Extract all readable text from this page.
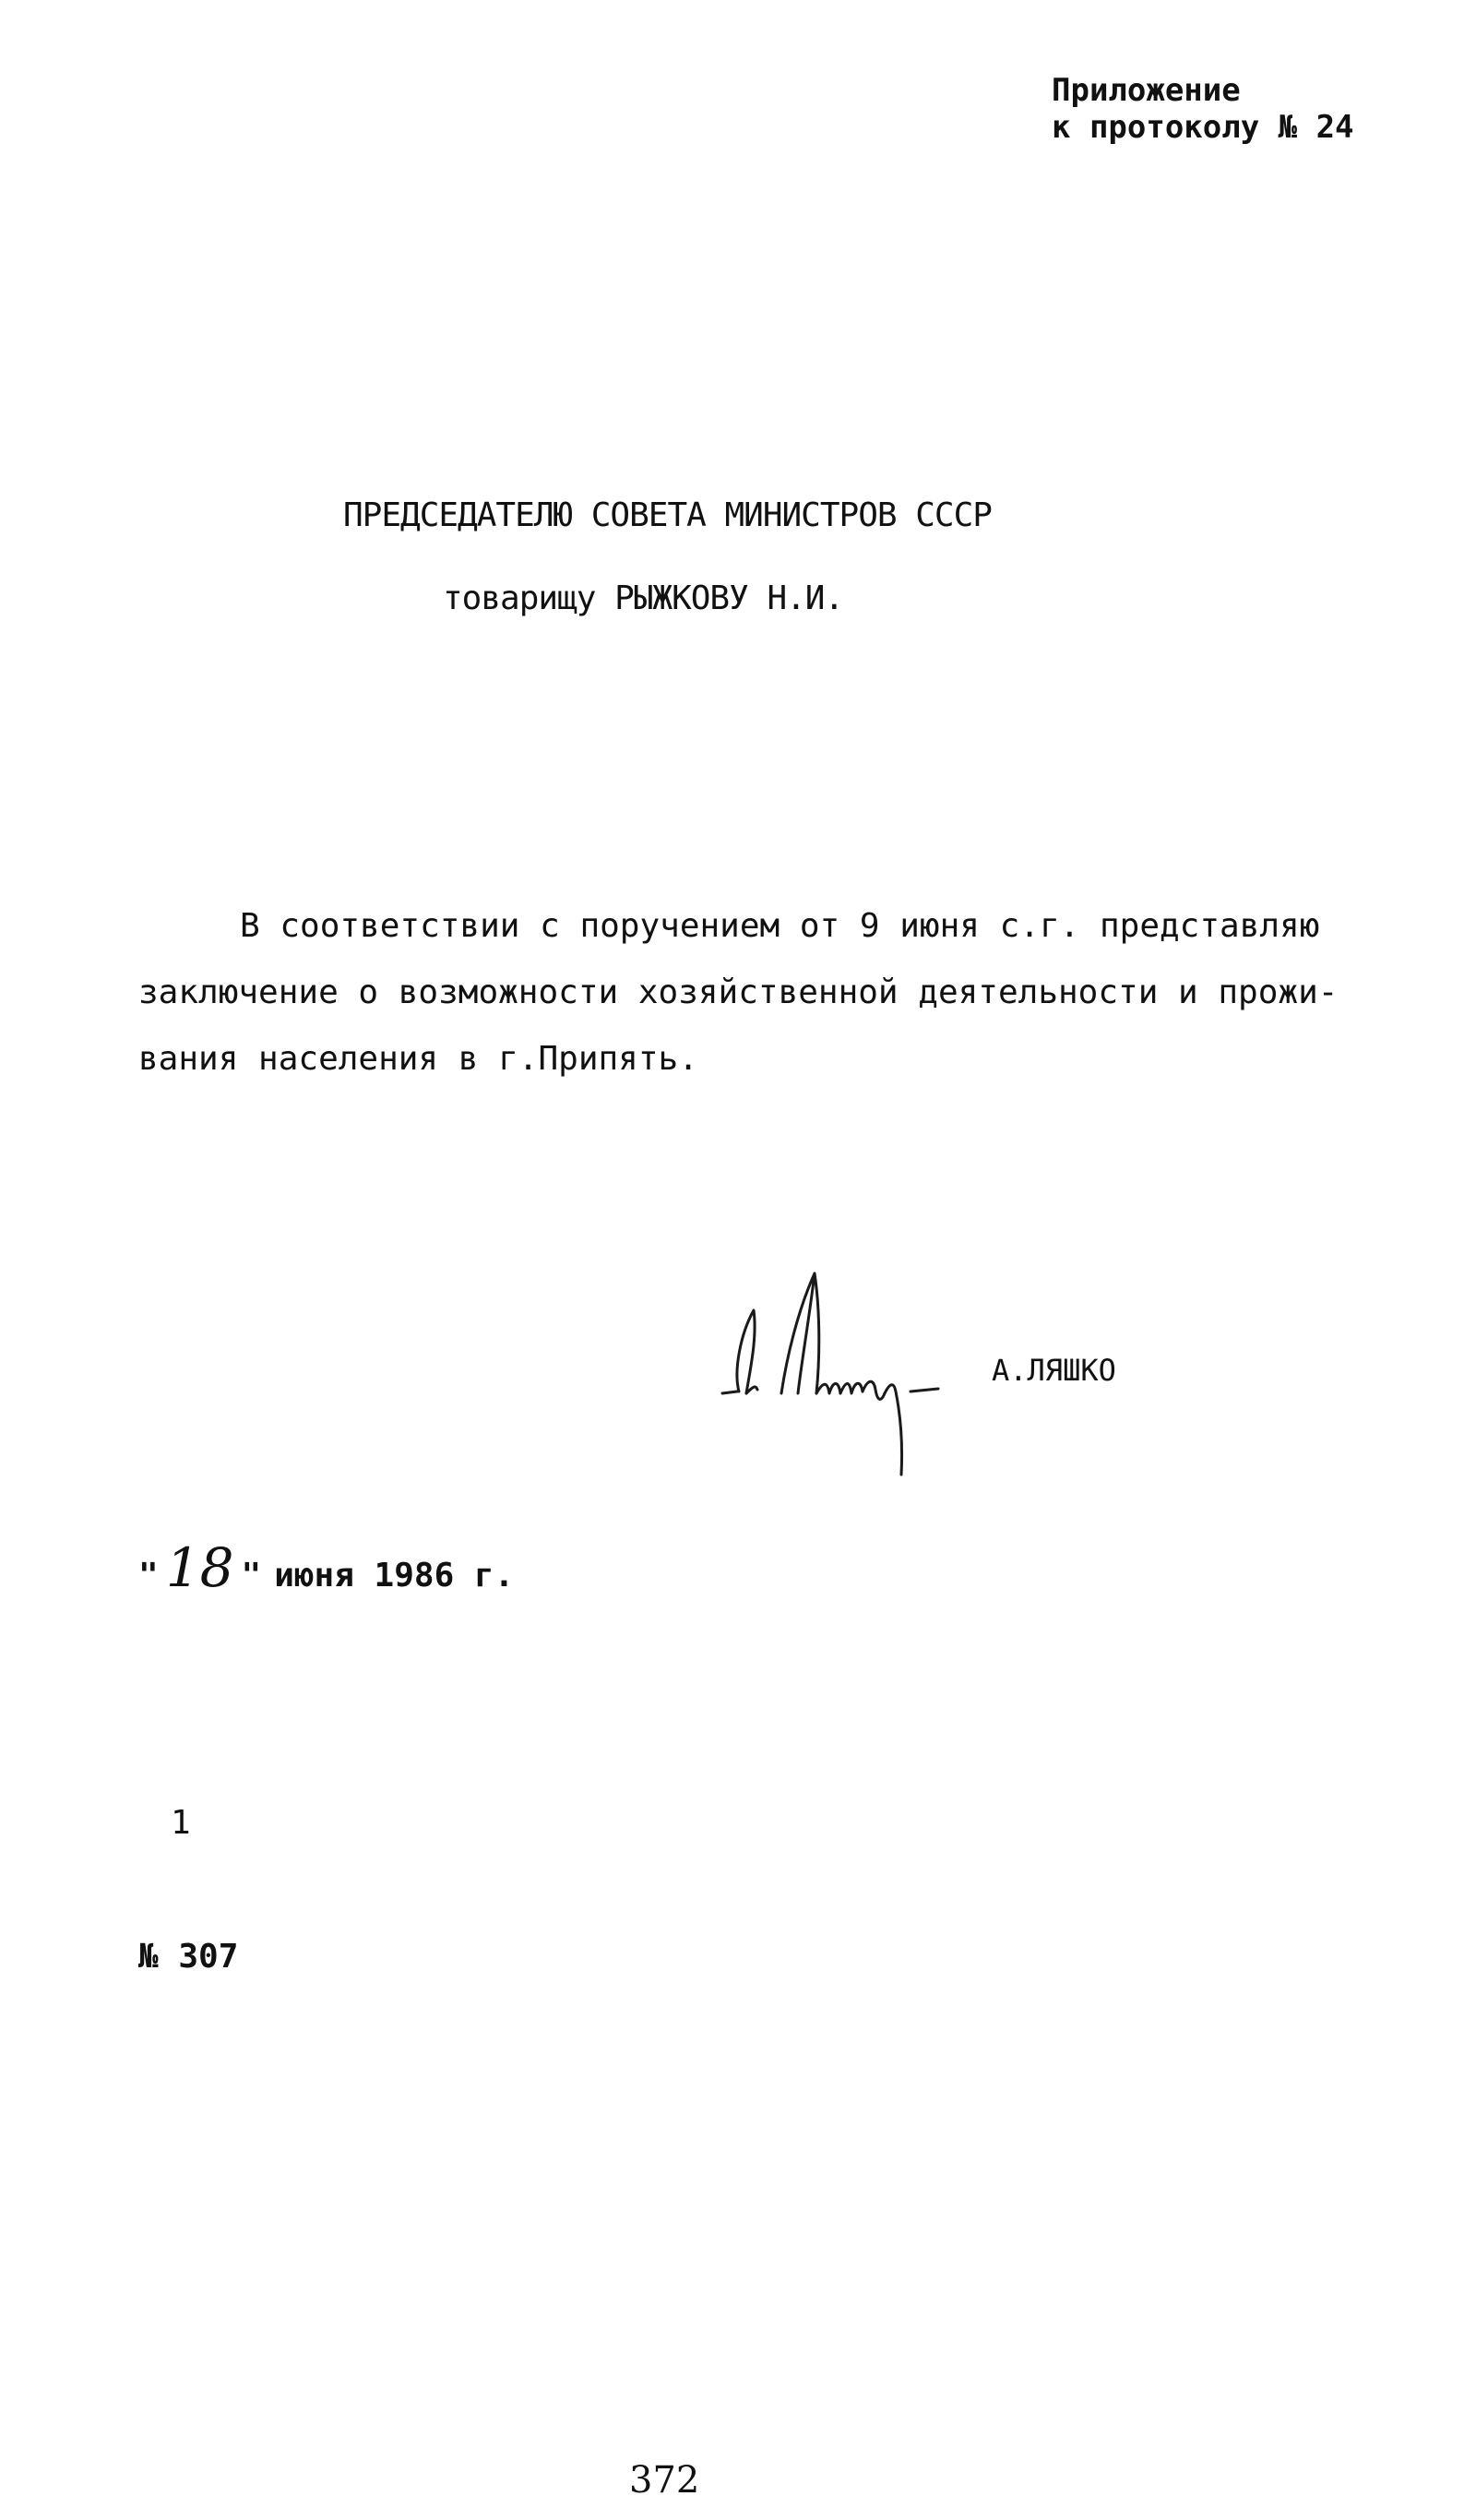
Приложение
к протоколу № 24
ПРЕДСЕДАТЕЛЮ СОВЕТА МИНИСТРОВ СССР
товарищу РЫЖКОВУ Н.И.
В соответствии с поручением от 9 июня с.г. представляю
заключение о возможности хозяйственной деятельности и прожи-
вания населения в г.Припять.
А.ЛЯШКО
" 18 " июня 1986 г.
1
№ 307
372
